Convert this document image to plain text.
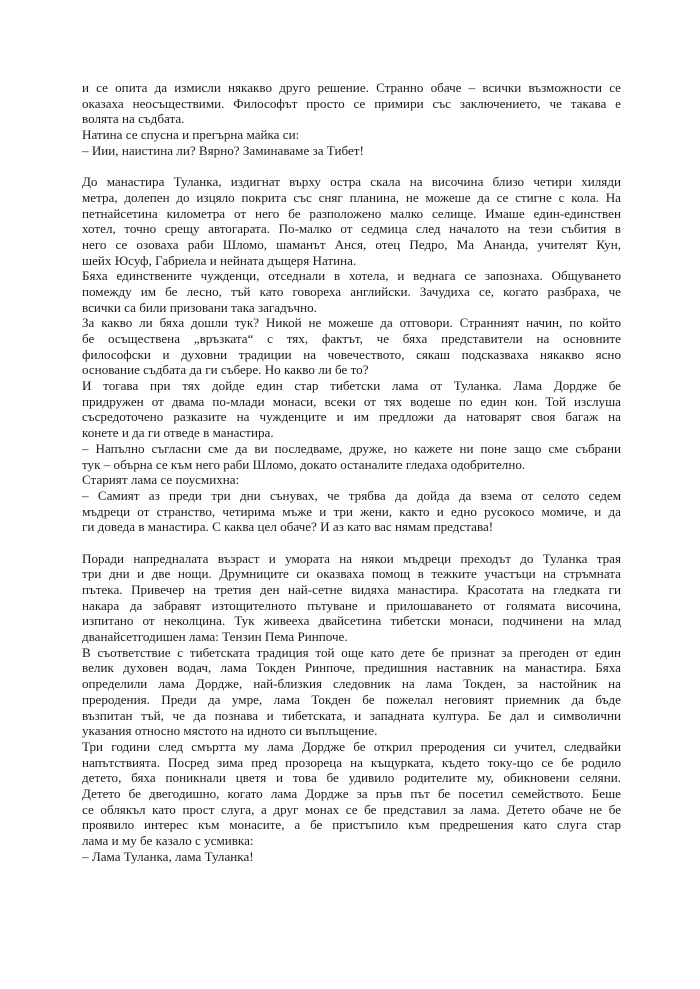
и се опита да измисли някакво друго решение. Странно обаче – всички възможности се
оказаха неосъществими. Философът просто се примири със заключението, че такава е
волята на съдбата.
Натина се спусна и прегърна майка си:
– Иии, наистина ли? Вярно? Заминаваме за Тибет!
До манастира Туланка, издигнат върху остра скала на височина близо четири хиляди
метра, долепен до изцяло покрита със сняг планина, не можеше да се стигне с кола. На
петнайсетина километра от него бе разположено малко селище. Имаше един-единствен
хотел, точно срещу автогарата. По-малко от седмица след началото на тези събития в
него се озоваха раби Шломо, шаманът Анся, отец Педро, Ма Ананда, учителят Кун,
шейх Юсуф, Габриела и нейната дъщеря Натина.
Бяха единствените чужденци, отседнали в хотела, и веднага се запознаха. Общуването
помежду им бе лесно, тъй като говореха английски. Зачудиха се, когато разбраха, че
всички са били призовани така загадъчно.
За какво ли бяха дошли тук? Никой не можеше да отговори. Странният начин, по който
бе осъществена „връзката“ с тях, фактът, че бяха представители на основните
философски и духовни традиции на човечеството, сякаш подсказваха някакво ясно
основание съдбата да ги събере. Но какво ли бе то?
И тогава при тях дойде един стар тибетски лама от Туланка. Лама Дордже бе
придружен от двама по-млади монаси, всеки от тях водеше по един кон. Той изслуша
съсредоточено разказите на чужденците и им предложи да натоварят своя багаж на
конете и да ги отведе в манастира.
– Напълно съгласни сме да ви последваме, друже, но кажете ни поне защо сме събрани
тук – обърна се към него раби Шломо, докато останалите гледаха одобрително.
Старият лама се поусмихна:
– Самият аз преди три дни сънувах, че трябва да дойда да взема от селото седем
мъдреци от странство, четирима мъже и три жени, както и едно русокосо момиче, и да
ги доведа в манастира. С каква цел обаче? И аз като вас нямам представа!
Поради напредналата възраст и умората на някои мъдреци преходът до Туланка трая
три дни и две нощи. Друмниците си оказваха помощ в тежките участъци на стръмната
пътека. Привечер на третия ден най-сетне видяха манастира. Красотата на гледката ги
накара да забравят изтощителното пътуване и прилошаването от голямата височина,
изпитано от неколцина. Тук живееха двайсетина тибетски монаси, подчинени на млад
дванайсетгодишен лама: Тензин Пема Ринпоче.
В съответствие с тибетската традиция той още като дете бе признат за преroден от един
велик духовен водач, лама Токден Ринпоче, предишния наставник на манастира. Бяха
определили лама Дордже, най-близкия следовник на лама Токден, за настойник на
преродения. Преди да умре, лама Токден бе пожелал неговият приемник да бъде
възпитан тъй, че да познава и тибетската, и западната култура. Бе дал и символични
указания относно мястото на идното си въплъщение.
Три години след смъртта му лама Дордже бе открил преродения си учител, следвайки
напътствията. Посред зима пред прозореца на къщурката, където току-що се бе родило
детето, бяха поникнали цветя и това бе удивило родителите му, обикновени селяни.
Детето бе двегодишно, когато лама Дордже за пръв път бе посетил семейството. Беше
се облякъл като прост слуга, а друг монах се бе представил за лама. Детето обаче не бе
проявило интерес към монасите, а бе пристъпило към предрешения като слуга стар
лама и му бе казало с усмивка:
– Лама Туланка, лама Туланка!
